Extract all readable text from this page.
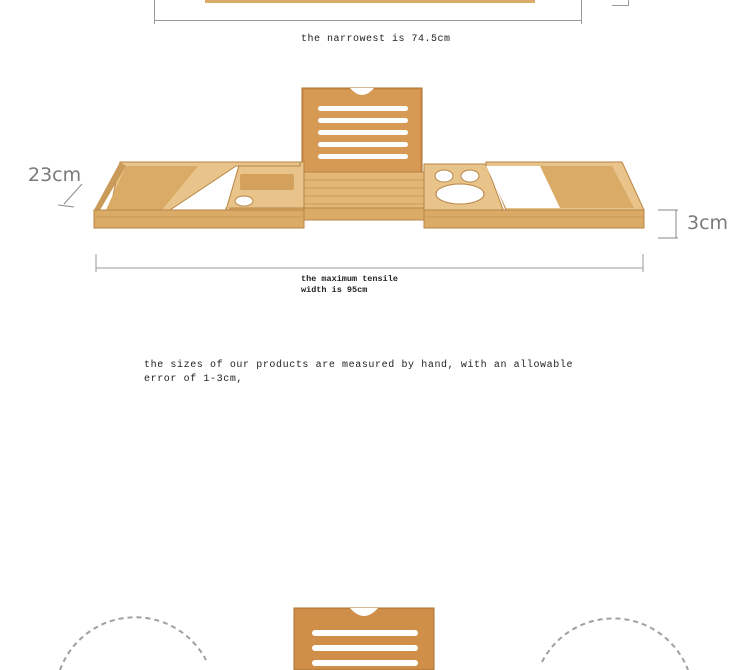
the narrowest is 74.5cm
23cm
3cm
the maximum tensile
width is 95cm
the sizes of our products are measured by hand, with an allowable
error of 1-3cm,
